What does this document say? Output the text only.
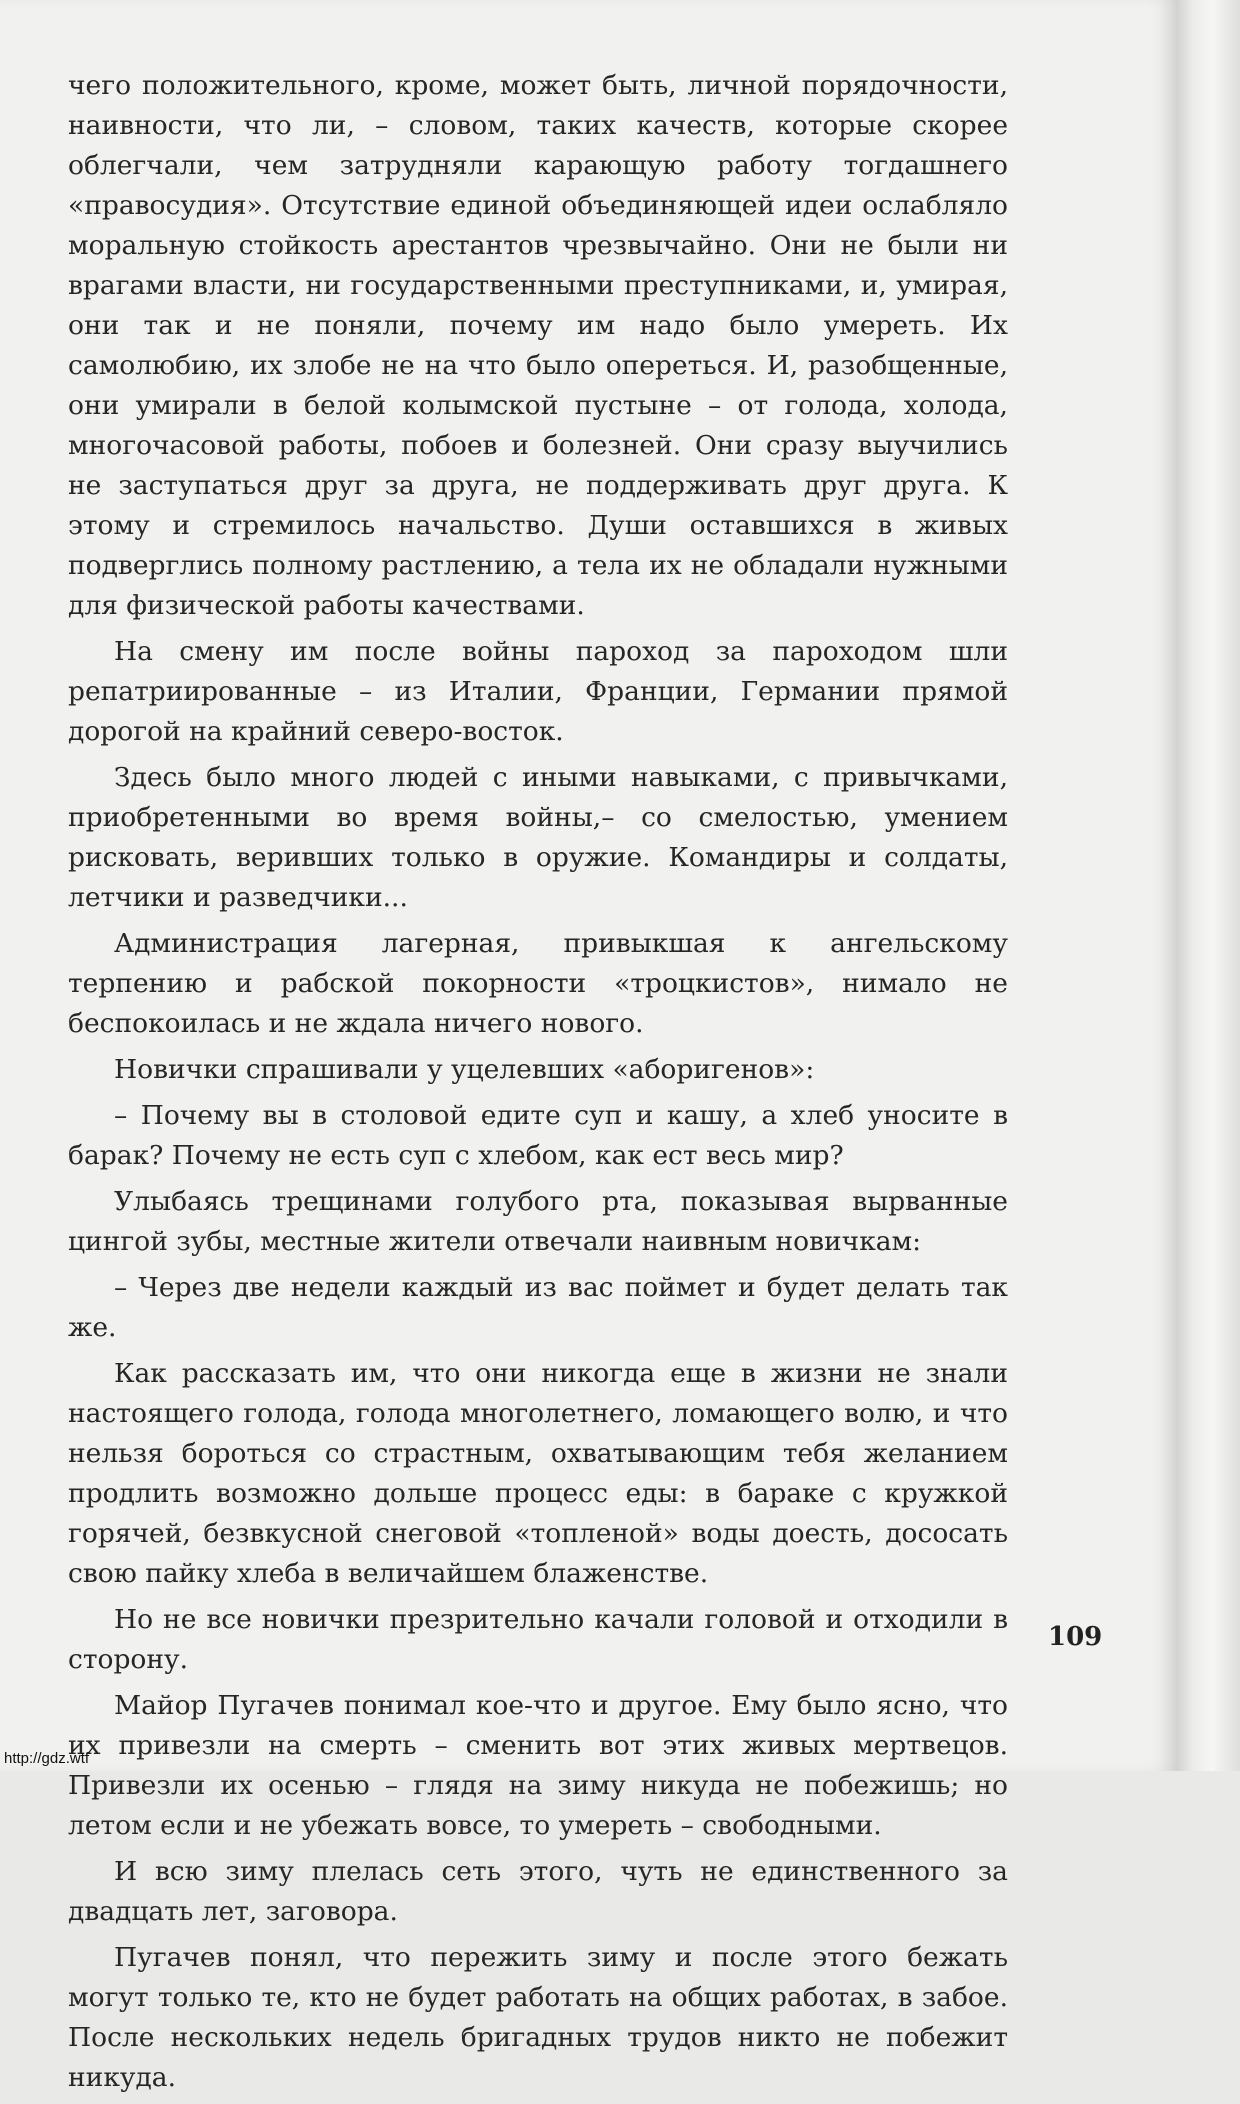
чего положительного, кроме, может быть, личной порядочности, наивности, что ли, – словом, таких качеств, которые скорее облегчали, чем затрудняли карающую работу тогдашнего «правосудия». Отсутствие единой объединяющей идеи ослабляло моральную стойкость арестантов чрезвычайно. Они не были ни врагами власти, ни государственными преступниками, и, умирая, они так и не поняли, почему им надо было умереть. Их самолюбию, их злобе не на что было опереться. И, разобщенные, они умирали в белой колымской пустыне – от голода, холода, многочасовой работы, побоев и болезней. Они сразу выучились не заступаться друг за друга, не поддерживать друг друга. К этому и стремилось начальство. Души оставшихся в живых подверглись полному растлению, а тела их не обладали нужными для физической работы качествами.

На смену им после войны пароход за пароходом шли репатриированные – из Италии, Франции, Германии прямой дорогой на крайний северо-восток.

Здесь было много людей с иными навыками, с привычками, приобретенными во время войны,– со смелостью, умением рисковать, веривших только в оружие. Командиры и солдаты, летчики и разведчики...

Администрация лагерная, привыкшая к ангельскому терпению и рабской покорности «троцкистов», нимало не беспокоилась и не ждала ничего нового.

Новички спрашивали у уцелевших «аборигенов»:

– Почему вы в столовой едите суп и кашу, а хлеб уносите в барак? Почему не есть суп с хлебом, как ест весь мир?

Улыбаясь трещинами голубого рта, показывая вырванные цингой зубы, местные жители отвечали наивным новичкам:

– Через две недели каждый из вас поймет и будет делать так же.

Как рассказать им, что они никогда еще в жизни не знали настоящего голода, голода многолетнего, ломающего волю, и что нельзя бороться со страстным, охватывающим тебя желанием продлить возможно дольше процесс еды: в бараке с кружкой горячей, безвкусной снеговой «топленой» воды доесть, дососать свою пайку хлеба в величайшем блаженстве.

Но не все новички презрительно качали головой и отходили в сторону.

Майор Пугачев понимал кое-что и другое. Ему было ясно, что их привезли на смерть – сменить вот этих живых мертвецов. Привезли их осенью – глядя на зиму никуда не побежишь; но летом если и не убежать вовсе, то умереть – свободными.

И всю зиму плелась сеть этого, чуть не единственного за двадцать лет, заговора.

Пугачев понял, что пережить зиму и после этого бежать могут только те, кто не будет работать на общих работах, в забое. После нескольких недель бригадных трудов никто не побежит никуда.

109
http://gdz.wtf
